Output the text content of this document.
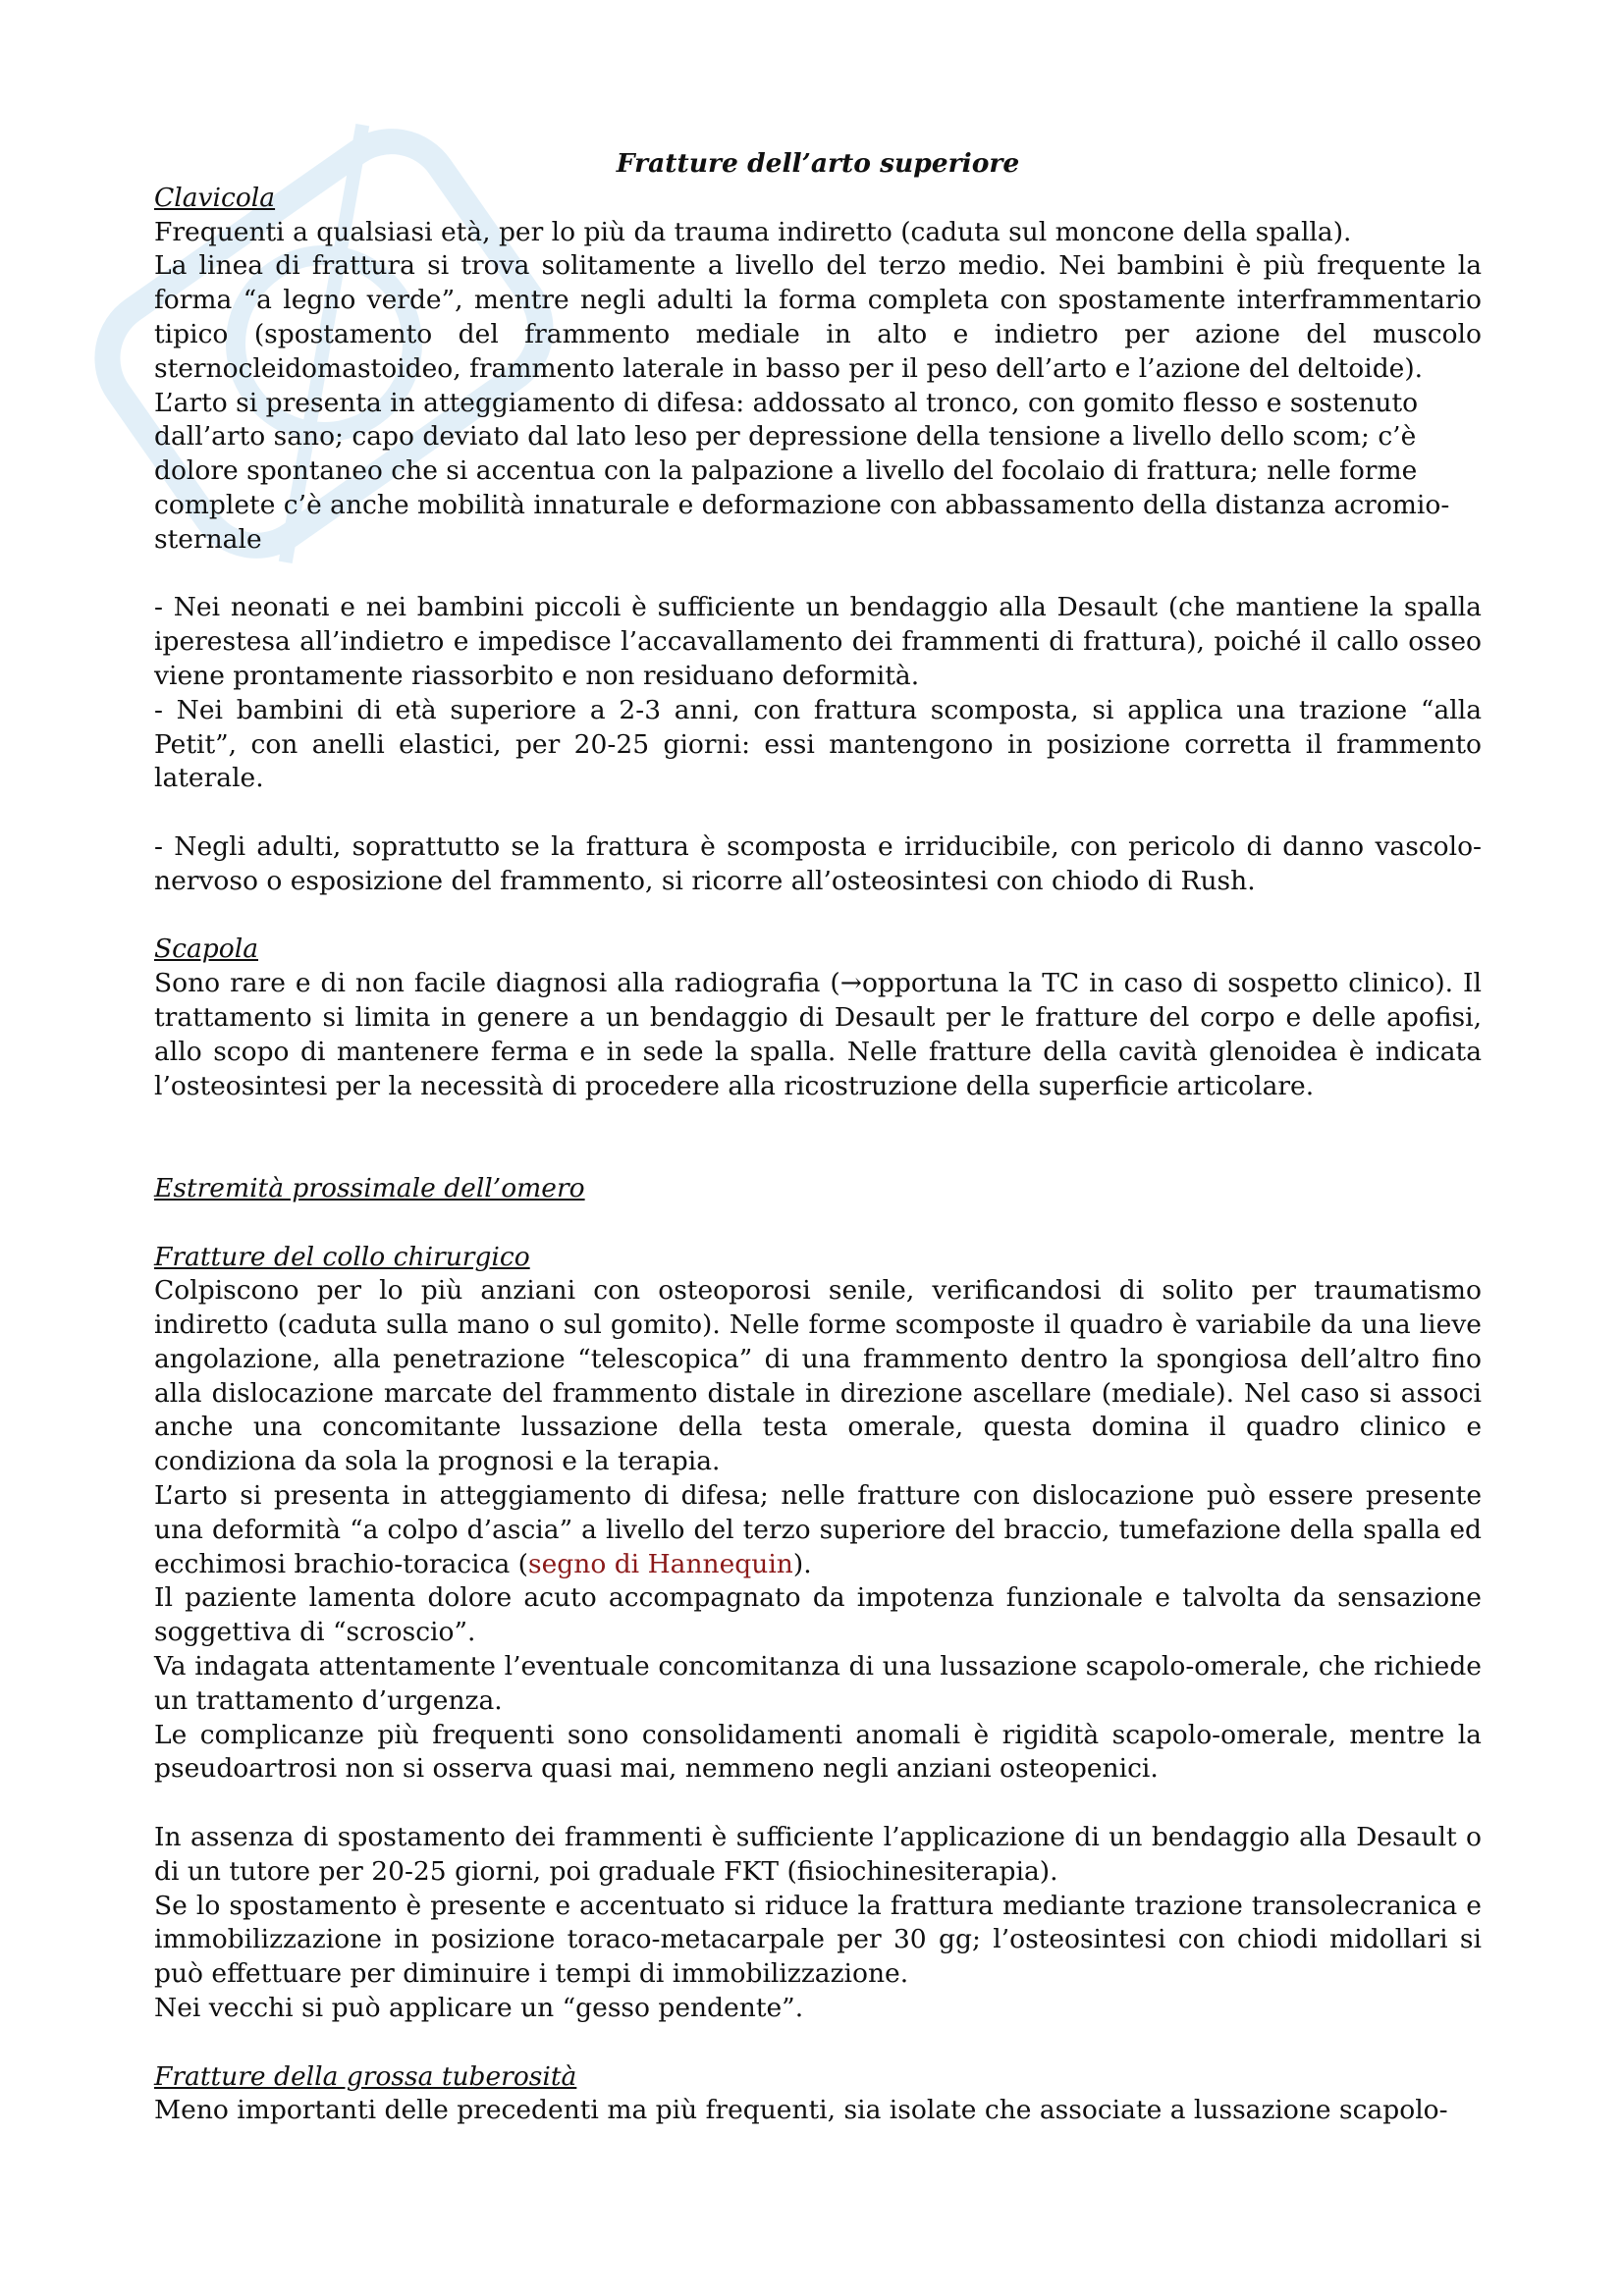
Fratture dell’arto superiore
Clavicola

Frequenti a qualsiasi età, per lo più da trauma indiretto (caduta sul moncone della spalla).

La linea di frattura si trova solitamente a livello del terzo medio. Nei bambini è più frequente la forma “a legno verde”, mentre negli adulti la forma completa con spostamente interframmentario tipico (spostamento del frammento mediale in alto e indietro per azione del muscolo sternocleidomastoideo, frammento laterale in basso per il peso dell’arto e l’azione del deltoide).

L’arto si presenta in atteggiamento di difesa: addossato al tronco, con gomito flesso e sostenuto dall’arto sano; capo deviato dal lato leso per depressione della tensione a livello dello scom; c’è dolore spontaneo che si accentua con la palpazione a livello del focolaio di frattura; nelle forme complete c’è anche mobilità innaturale e deformazione con abbassamento della distanza acromio-sternale

- Nei neonati e nei bambini piccoli è sufficiente un bendaggio alla Desault (che mantiene la spalla iperestesa all’indietro e impedisce l’accavallamento dei frammenti di frattura), poiché il callo osseo viene prontamente riassorbito e non residuano deformità.

- Nei bambini di età superiore a 2-3 anni, con frattura scomposta, si applica una trazione “alla Petit”, con anelli elastici, per 20-25 giorni: essi mantengono in posizione corretta il frammento laterale.

- Negli adulti, soprattutto se la frattura è scomposta e irriducibile, con pericolo di danno vascolo-nervoso o esposizione del frammento, si ricorre all’osteosintesi con chiodo di Rush.

Scapola

Sono rare e di non facile diagnosi alla radiografia (→opportuna la TC in caso di sospetto clinico). Il trattamento si limita in genere a un bendaggio di Desault per le fratture del corpo e delle apofisi, allo scopo di mantenere ferma e in sede la spalla. Nelle fratture della cavità glenoidea è indicata l’osteosintesi per la necessità di procedere alla ricostruzione della superficie articolare.

Estremità prossimale dell’omero
Fratture del collo chirurgico

Colpiscono per lo più anziani con osteoporosi senile, verificandosi di solito per traumatismo indiretto (caduta sulla mano o sul gomito). Nelle forme scomposte il quadro è variabile da una lieve angolazione, alla penetrazione “telescopica” di una frammento dentro la spongiosa dell’altro fino alla dislocazione marcate del frammento distale in direzione ascellare (mediale). Nel caso si associ anche una concomitante lussazione della testa omerale, questa domina il quadro clinico e condiziona da sola la prognosi e la terapia.

L’arto si presenta in atteggiamento di difesa; nelle fratture con dislocazione può essere presente una deformità “a colpo d’ascia” a livello del terzo superiore del braccio, tumefazione della spalla ed ecchimosi brachio-toracica (segno di Hannequin).

Il paziente lamenta dolore acuto accompagnato da impotenza funzionale e talvolta da sensazione soggettiva di “scroscio”.

Va indagata attentamente l’eventuale concomitanza di una lussazione scapolo-omerale, che richiede un trattamento d’urgenza.

Le complicanze più frequenti sono consolidamenti anomali è rigidità scapolo-omerale, mentre la pseudoartrosi non si osserva quasi mai, nemmeno negli anziani osteopenici.

In assenza di spostamento dei frammenti è sufficiente l’applicazione di un bendaggio alla Desault o di un tutore per 20-25 giorni, poi graduale FKT (fisiochinesiterapia).

Se lo spostamento è presente e accentuato si riduce la frattura mediante trazione transolecranica e immobilizzazione in posizione toraco-metacarpale per 30 gg; l’osteosintesi con chiodi midollari si può effettuare per diminuire i tempi di immobilizzazione.

Nei vecchi si può applicare un “gesso pendente”.

Fratture della grossa tuberosità

Meno importanti delle precedenti ma più frequenti, sia isolate che associate a lussazione scapolo-
